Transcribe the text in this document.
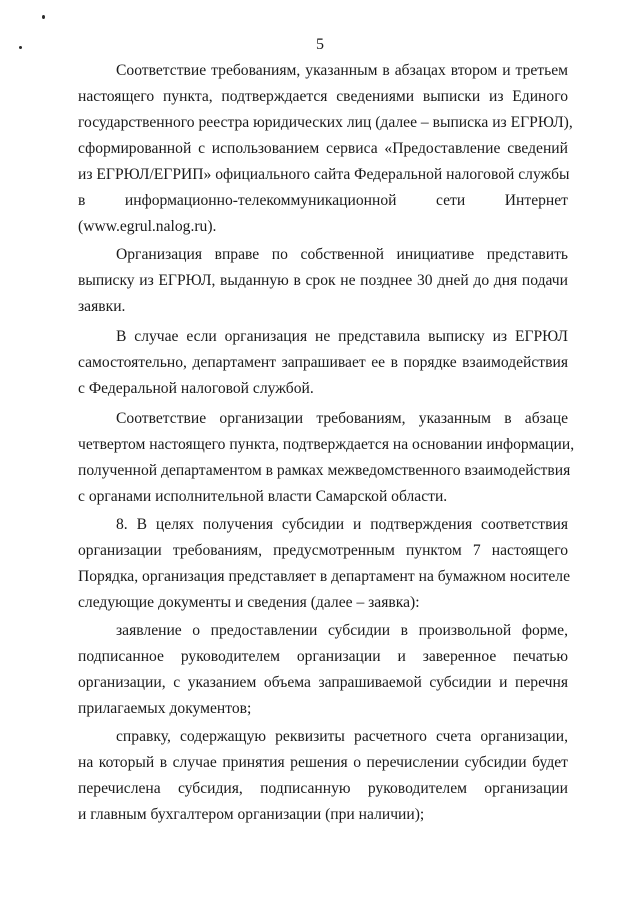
5
Соответствие требованиям, указанным в абзацах втором и третьем
настоящего пункта, подтверждается сведениями выписки из Единого
государственного реестра юридических лиц (далее – выписка из ЕГРЮЛ),
сформированной с использованием сервиса «Предоставление сведений
из ЕГРЮЛ/ЕГРИП» официального сайта Федеральной налоговой службы
в информационно-телекоммуникационной сети Интернет
(www.egrul.nalog.ru).
Организация вправе по собственной инициативе представить
выписку из ЕГРЮЛ, выданную в срок не позднее 30 дней до дня подачи
заявки.
В случае если организация не представила выписку из ЕГРЮЛ
самостоятельно, департамент запрашивает ее в порядке взаимодействия
с Федеральной налоговой службой.
Соответствие организации требованиям, указанным в абзаце
четвертом настоящего пункта, подтверждается на основании информации,
полученной департаментом в рамках межведомственного взаимодействия
с органами исполнительной власти Самарской области.
8. В целях получения субсидии и подтверждения соответствия
организации требованиям, предусмотренным пунктом 7 настоящего
Порядка, организация представляет в департамент на бумажном носителе
следующие документы и сведения (далее – заявка):
заявление о предоставлении субсидии в произвольной форме,
подписанное руководителем организации и заверенное печатью
организации, с указанием объема запрашиваемой субсидии и перечня
прилагаемых документов;
справку, содержащую реквизиты расчетного счета организации,
на который в случае принятия решения о перечислении субсидии будет
перечислена субсидия, подписанную руководителем организации
и главным бухгалтером организации (при наличии);
